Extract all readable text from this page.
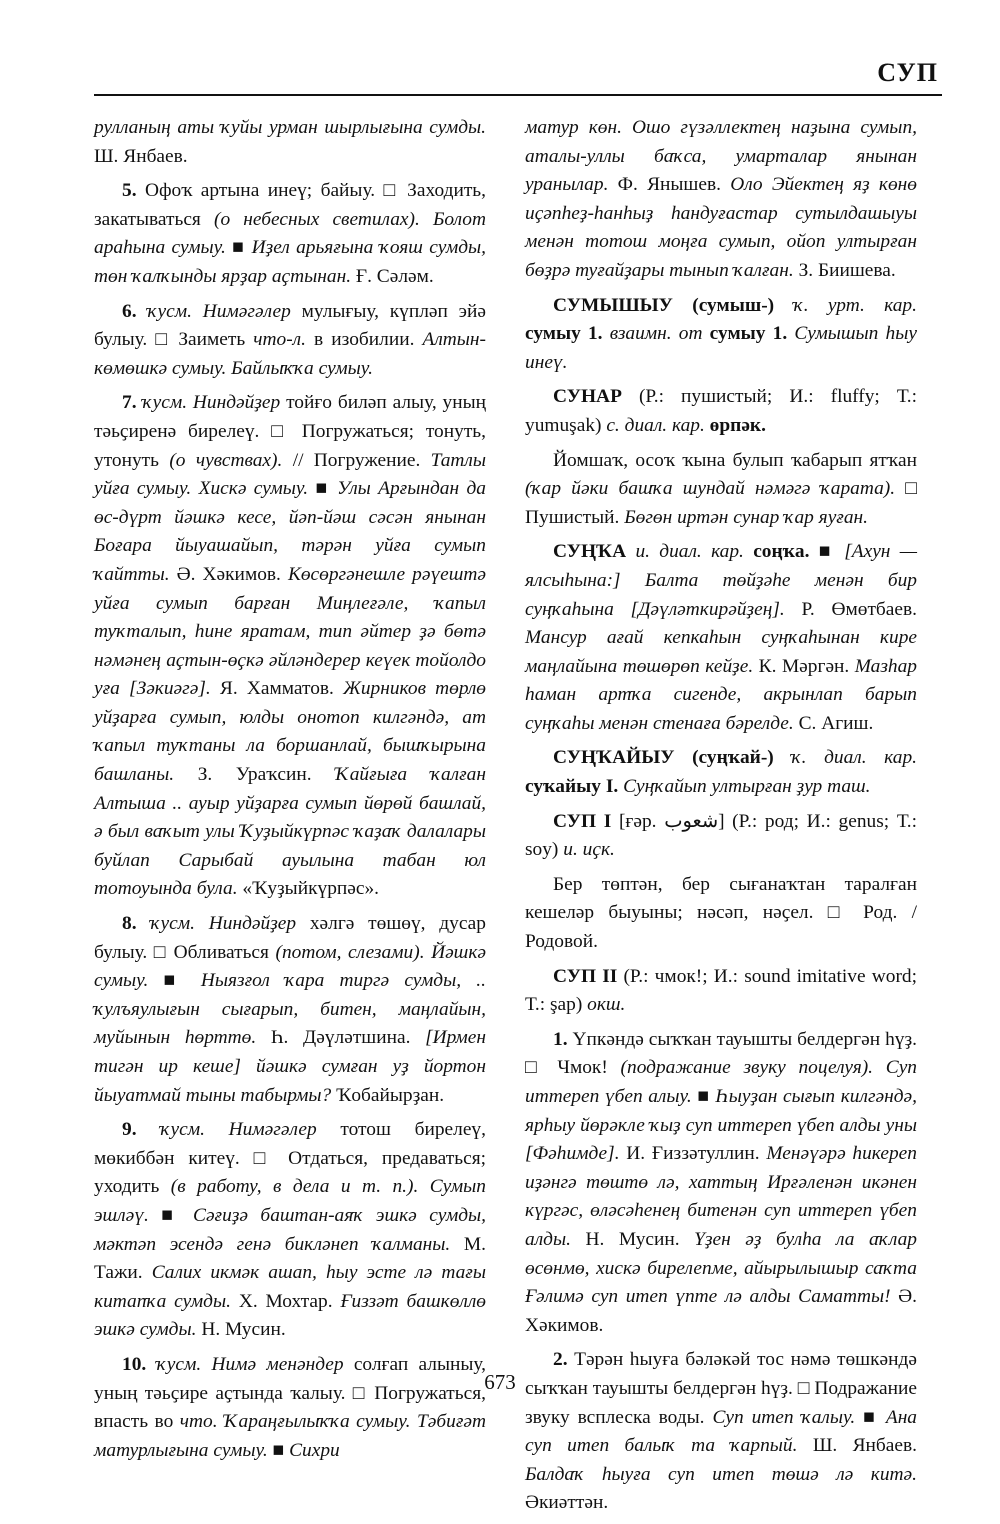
СУП

рулланың аты ҡуйы урман шырлығына сумды. Ш. Янбаев.

5. Офоҡ артына инеү; байыу. □ Заходить, закатываться (о небесных светилах). Болот араһына сумыу. ■ Иҙел арьяғына ҡояш сумды, төн ҡалҡынды ярҙар аҫтынан. Ғ. Сәләм.

6. ҡусм. Нимәгәлер мулығыу, күпләп эйә булыу. □ Заиметь что-л. в изобилии. Алтын-көмөшкә сумыу. Байлыҡҡа сумыу.

7. ҡусм. Ниндәйҙер тойғо биләп алыу, уның тәьҫиренә бирелеү. □ Погружаться; тонуть, утонуть (о чувствах). // Погружение. Татлы уйға сумыу. Хискә сумыу. ■ Улы Арғындан да өс-дүрт йәшкә кесе, йәп-йәш сәсән янынан Боғара йыуашайып, тәрән уйға сумып ҡайтты. Ә. Хәкимов. Көсөргәнешле рәүештә уйға сумып барған Миңлеғәле, ҡапыл туҡталып, һине яратам, тип әйтер ҙә бөтә нәмәнең аҫтын-өҫкә әйләндерер кеүек тойолдо уға [Зәкиәгә]. Я. Хамматов. Жирников төрлө уйҙарға сумып, юлды онотоп килгәндә, ат ҡапыл туҡтаны ла боршанлай, бышҡырына башланы. З. Ураҡсин. Ҡайғыға ҡалған Алтыша .. ауыр уйҙарға сумып йөрөй башлай, ә был ваҡыт улы Ҡуҙыйкүрпәс ҡаҙаҡ далалары буйлап Сарыбай ауылына табан юл тотоуында була. «Ҡуҙыйкүрпәс».

8. ҡусм. Ниндәйҙер хәлгә төшөү, дусар булыу. □ Обливаться (потом, слезами). Йәшкә сумыу. ■ Ныязғол ҡара тиргә сумды, .. ҡулъяулығын сығарып, битен, маңлайын, муйынын һөрттө. Һ. Дәүләтшина. [Ирмен тигән ир кеше] йәшкә сумған уҙ йортон йыуатмай тыны табырмы? Ҡобайырҙан.

9. ҡусм. Нимәгәлер тотош бирелеү, мөкиббән китеү. □ Отдаться, предаваться; уходить (в работу, в дела и т. п.). Сумып эшләү. ■ Сәғиҙә баштан-аяҡ эшкә сумды, мәктәп эсендә генә бикләнеп ҡалманы. М. Тажи. Салих икмәк ашап, һыу эсте лә тағы китапҡа сумды. Х. Мохтар. Ғиззәт башкөллө эшкә сумды. Н. Мусин.

10. ҡусм. Нимә менәндер солғап алыныу, уның тәьҫире аҫтында ҡалыу. □ Погружаться, впасть во что. Ҡараңғылыҡҡа сумыу. Тәбиғәт матурлығына сумыу. ■ Сихри

матур көн. Ошо гүзәллектең наҙына сумып, аталы-уллы баҡса, умарталар янынан уранылар. Ф. Янышев. Оло Эйектең яҙ көнө иҫәпһеҙ-һанһыҙ һандуғастар сутылдашыуы менән тотош моңға сумып, ойоп ултырған бөҙрә туғайҙары тынып ҡалған. З. Биишева.

СУМЫШЫУ (сумыш-) ҡ. урт. кар. сумыу 1. взаимн. от сумыу 1. Сумышып һыу инеү.

СУНАР (Р.: пушистый; И.: fluffy; Т.: yumuşak) с. диал. кар. өрпәк.

Йомшаҡ, осоҡ ҡына булып ҡабарып ятҡан (ҡар йәки башҡа шундай нәмәгә ҡарата). □ Пушистый. Бөгөн иртән сунар ҡар яуған.

СУҢҠА и. диал. кар. соңҡа. ■ [Ахун — ялсыһына:] Балта төйҙәһе менән бир суңҡаһына [Дәүләткирәйҙең]. Р. Өмөтбаев. Мансур ағай кепкаһын суңҡаһынан кире маңлайына төшөрөп кейҙе. К. Мәргән. Мазһар һаман артҡа сигенде, акрынлап барып суңҡаһы менән стенаға бәрелде. С. Агиш.

СУҢҠАЙЫУ (суңҡай-) ҡ. диал. кар. суҡайыу I. Суңҡайып ултырған ҙур таш.

СУП I [ғәр. شعوب] (Р.: род; И.: genus; Т.: soy) и. иҫк.

Бер төптән, бер сығанаҡтан таралған кешеләр быуыны; нәсәп, нәҫел. □ Род. / Родовой.

СУП II (Р.: чмок!; И.: sound imitative word; Т.: şap) окш.

1. Үпкәндә сыҡҡан тауышты белдергән һүҙ. □ Чмок! (подражание звуку поцелуя). Суп иттереп үбеп алыу. ■ Һыуҙан сығып килгәндә, ярһыу йөрәкле ҡыҙ суп иттереп үбеп алды уны [Фәһимде]. И. Ғиззәтуллин. Менәүәрә һикереп иҙәнгә төштө лә, хаттың Ирғәленән икәнен күргәс, өләсәһенең битенән суп иттереп үбеп алды. Н. Мусин. Үҙен әҙ булһа ла аҡлар өсөнмө, хискә бирелепме, айырылышыр саҡта Ғәлимә суп итеп үпте лә алды Саматты! Ә. Хәкимов.

2. Тәрән һыуға бәләкәй тос нәмә төшкәндә сыҡҡан тауышты белдергән һүҙ. □ Подражание звуку всплеска воды. Суп итеп ҡалыу. ■ Ана суп итеп балыҡ та ҡарпый. Ш. Янбаев. Балдаҡ һыуға суп итеп төшә лә китә. Әкиәттән.

673
